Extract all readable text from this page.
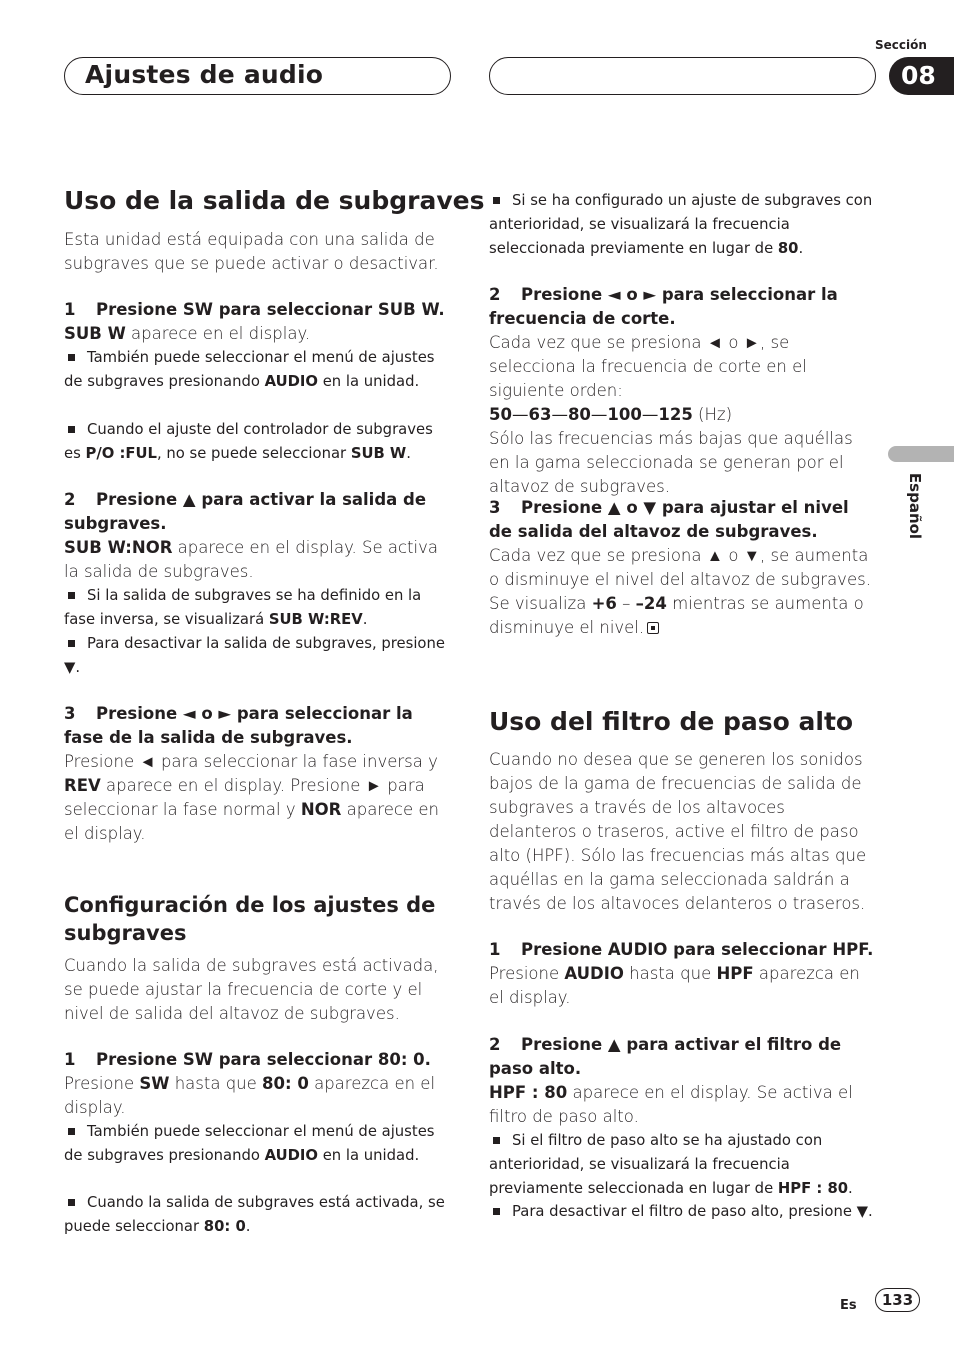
Ajustes de audio
Sección
08
Español
Uso de la salida de subgraves
Esta unidad está equipada con una salida de subgraves que se puede activar o desactivar.
1 Presione SW para seleccionar SUB W.
SUB W aparece en el display.
También puede seleccionar el menú de ajustes de subgraves presionando AUDIO en la unidad.
Cuando el ajuste del controlador de subgraves es P/O :FUL, no se puede seleccionar SUB W.
2 Presione ▲ para activar la salida de subgraves.
SUB W:NOR aparece en el display. Se activa la salida de subgraves.
Si la salida de subgraves se ha definido en la fase inversa, se visualizará SUB W:REV.
Para desactivar la salida de subgraves, presione ▼.
3 Presione ◄ o ► para seleccionar la fase de la salida de subgraves.
Presione ◄ para seleccionar la fase inversa y REV aparece en el display. Presione ► para seleccionar la fase normal y NOR aparece en el display.
Configuración de los ajustes de subgraves
Cuando la salida de subgraves está activada, se puede ajustar la frecuencia de corte y el nivel de salida del altavoz de subgraves.
1 Presione SW para seleccionar 80: 0.
Presione SW hasta que 80: 0 aparezca en el display.
También puede seleccionar el menú de ajustes de subgraves presionando AUDIO en la unidad.
Cuando la salida de subgraves está activada, se puede seleccionar 80: 0.
Si se ha configurado un ajuste de subgraves con anterioridad, se visualizará la frecuencia seleccionada previamente en lugar de 80.
2 Presione ◄ o ► para seleccionar la frecuencia de corte.
Cada vez que se presiona ◄ o ►, se selecciona la frecuencia de corte en el siguiente orden:
50—63—80—100—125 (Hz)
Sólo las frecuencias más bajas que aquéllas en la gama seleccionada se generan por el altavoz de subgraves.
3 Presione ▲ o ▼ para ajustar el nivel de salida del altavoz de subgraves.
Cada vez que se presiona ▲ o ▼, se aumenta o disminuye el nivel del altavoz de subgraves. Se visualiza +6 – –24 mientras se aumenta o disminuye el nivel.
Uso del filtro de paso alto
Cuando no desea que se generen los sonidos bajos de la gama de frecuencias de salida de subgraves a través de los altavoces delanteros o traseros, active el filtro de paso alto (HPF). Sólo las frecuencias más altas que aquéllas en la gama seleccionada saldrán a través de los altavoces delanteros o traseros.
1 Presione AUDIO para seleccionar HPF.
Presione AUDIO hasta que HPF aparezca en el display.
2 Presione ▲ para activar el filtro de paso alto.
HPF : 80 aparece en el display. Se activa el filtro de paso alto.
Si el filtro de paso alto se ha ajustado con anterioridad, se visualizará la frecuencia previamente seleccionada en lugar de HPF : 80.
Para desactivar el filtro de paso alto, presione ▼.
Es	133
